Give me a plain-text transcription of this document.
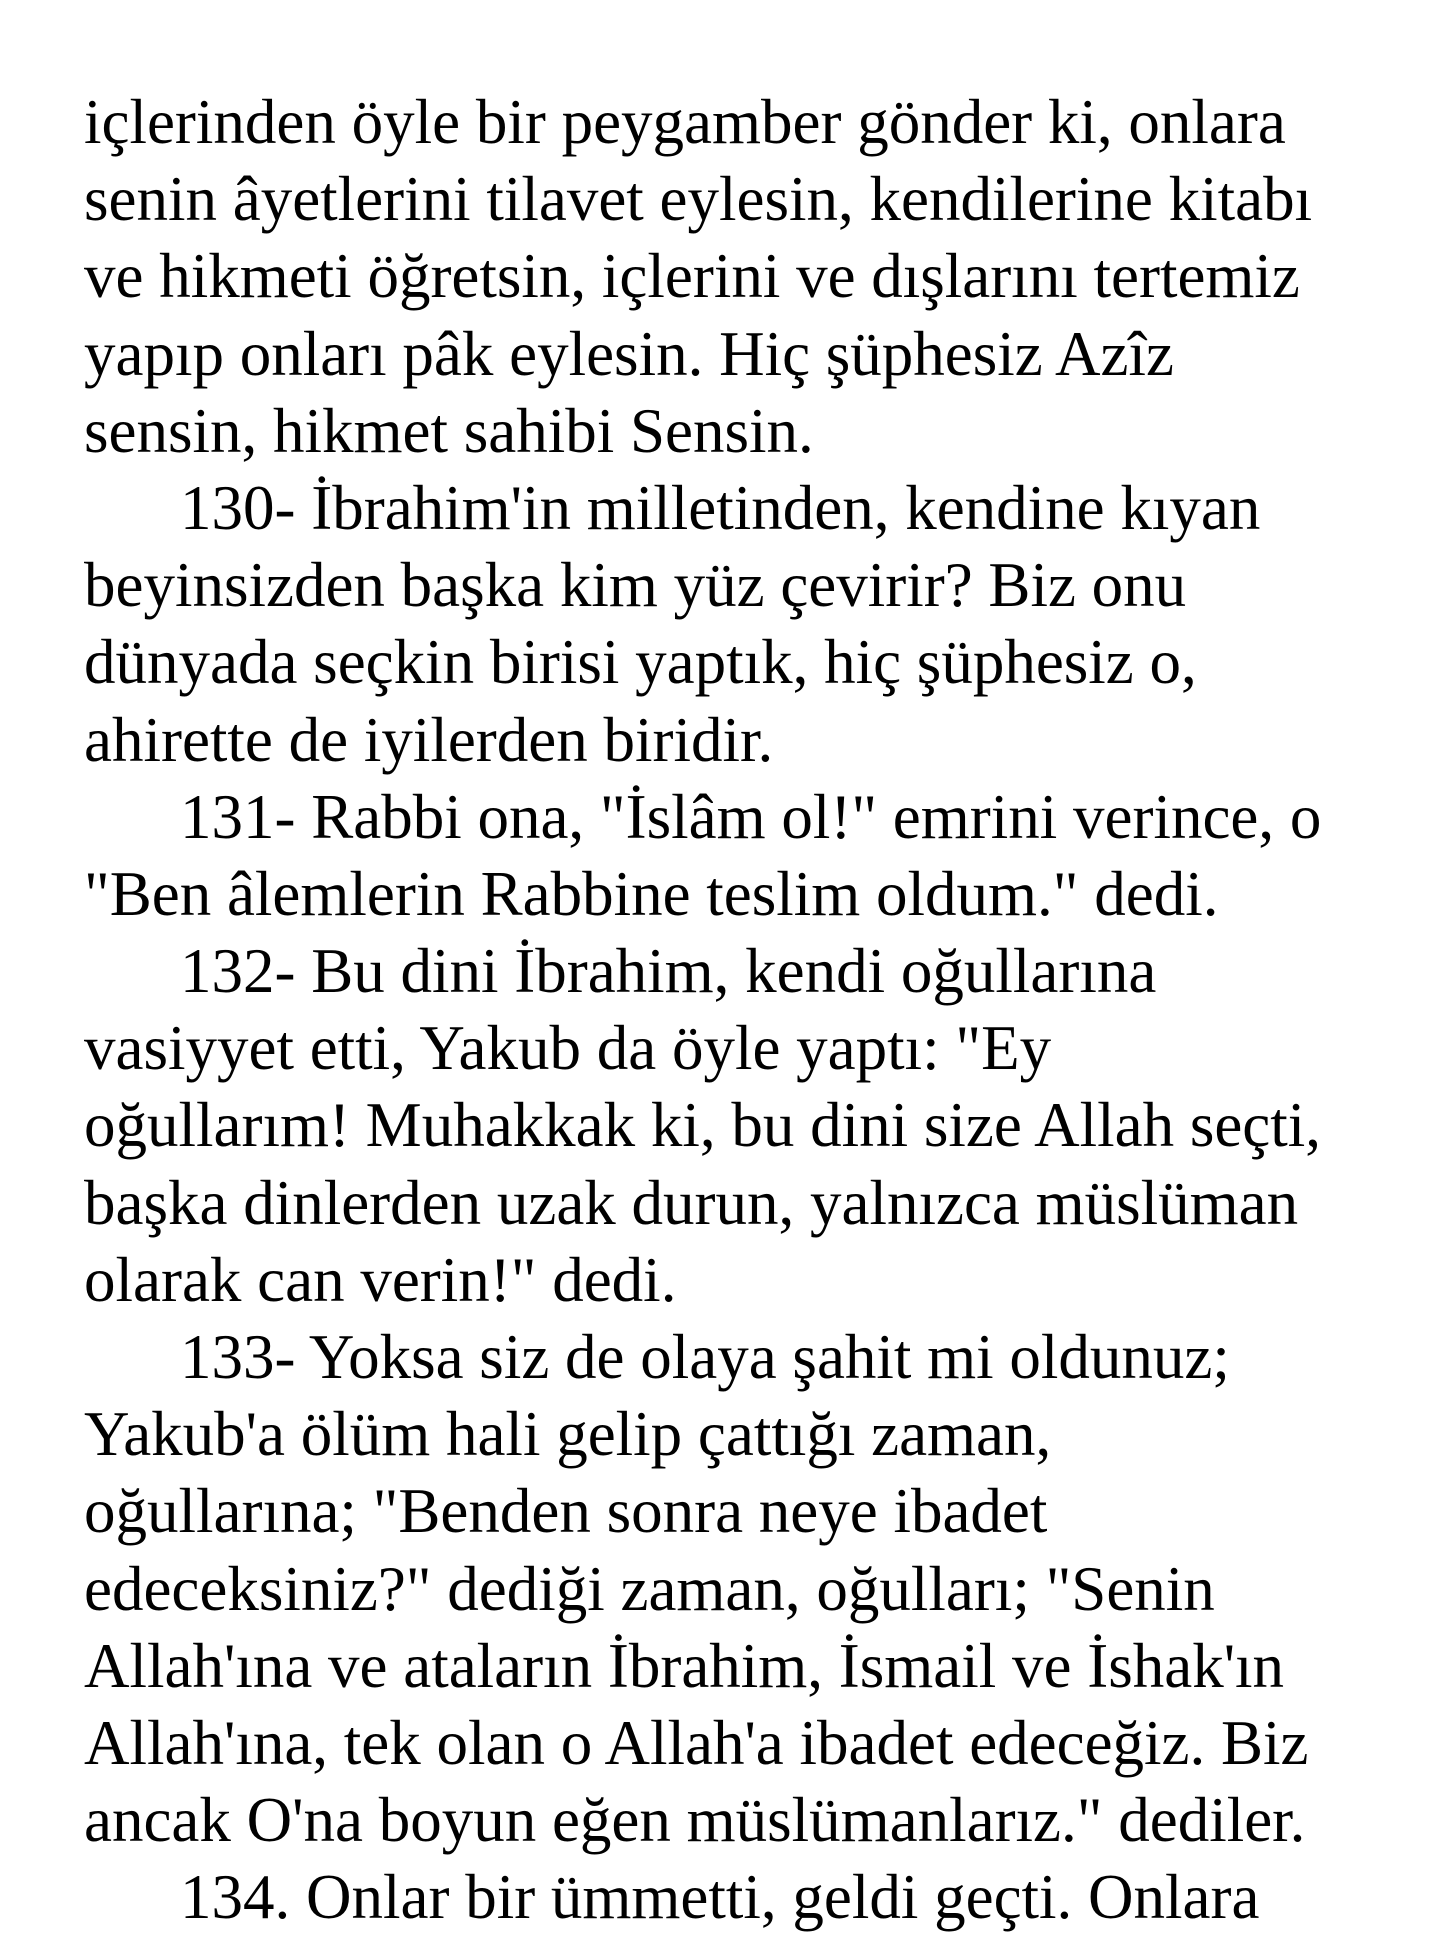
içlerinden öyle bir peygamber gönder ki, onlara
senin âyetlerini tilavet eylesin, kendilerine kitabı
ve hikmeti öğretsin, içlerini ve dışlarını tertemiz
yapıp onları pâk eylesin. Hiç şüphesiz Azîz
sensin, hikmet sahibi Sensin.
130- İbrahim'in milletinden, kendine kıyan
beyinsizden başka kim yüz çevirir? Biz onu
dünyada seçkin birisi yaptık, hiç şüphesiz o,
ahirette de iyilerden biridir.
131- Rabbi ona, "İslâm ol!" emrini verince, o
"Ben âlemlerin Rabbine teslim oldum." dedi.
132- Bu dini İbrahim, kendi oğullarına
vasiyyet etti, Yakub da öyle yaptı: "Ey
oğullarım! Muhakkak ki, bu dini size Allah seçti,
başka dinlerden uzak durun, yalnızca müslüman
olarak can verin!" dedi.
133- Yoksa siz de olaya şahit mi oldunuz;
Yakub'a ölüm hali gelip çattığı zaman,
oğullarına; "Benden sonra neye ibadet
edeceksiniz?" dediği zaman, oğulları; "Senin
Allah'ına ve ataların İbrahim, İsmail ve İshak'ın
Allah'ına, tek olan o Allah'a ibadet edeceğiz. Biz
ancak O'na boyun eğen müslümanlarız." dediler.
134. Onlar bir ümmetti, geldi geçti. Onlara
